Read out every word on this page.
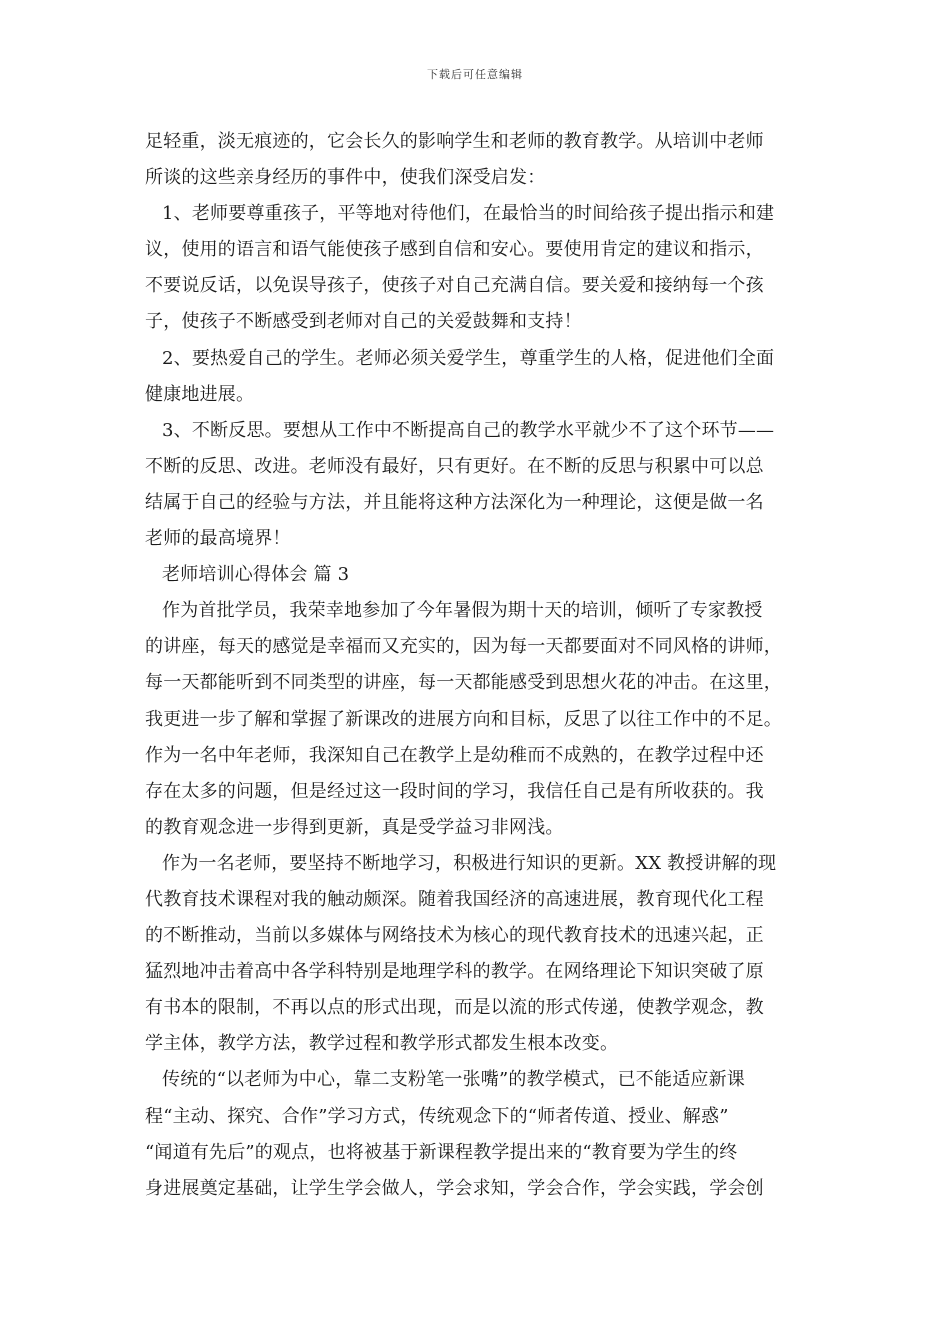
下载后可任意编辑
足轻重，淡无痕迹的，它会长久的影响学生和老师的教育教学。从培训中老师
所谈的这些亲身经历的事件中，使我们深受启发：
1、老师要尊重孩子，平等地对待他们，在最恰当的时间给孩子提出指示和建
议，使用的语言和语气能使孩子感到自信和安心。要使用肯定的建议和指示，
不要说反话，以免误导孩子，使孩子对自己充满自信。要关爱和接纳每一个孩
子，使孩子不断感受到老师对自己的关爱鼓舞和支持！
2、要热爱自己的学生。老师必须关爱学生，尊重学生的人格，促进他们全面
健康地进展。
3、不断反思。要想从工作中不断提高自己的教学水平就少不了这个环节——
不断的反思、改进。老师没有最好，只有更好。在不断的反思与积累中可以总
结属于自己的经验与方法，并且能将这种方法深化为一种理论，这便是做一名
老师的最高境界！
老师培训心得体会 篇 3
作为首批学员，我荣幸地参加了今年暑假为期十天的培训，倾听了专家教授
的讲座，每天的感觉是幸福而又充实的，因为每一天都要面对不同风格的讲师，
每一天都能听到不同类型的讲座，每一天都能感受到思想火花的冲击。在这里，
我更进一步了解和掌握了新课改的进展方向和目标，反思了以往工作中的不足。
作为一名中年老师，我深知自己在教学上是幼稚而不成熟的，在教学过程中还
存在太多的问题，但是经过这一段时间的学习，我信任自己是有所收获的。我
的教育观念进一步得到更新，真是受学益习非网浅。
作为一名老师，要坚持不断地学习，积极进行知识的更新。XX 教授讲解的现
代教育技术课程对我的触动颇深。随着我国经济的高速进展，教育现代化工程
的不断推动，当前以多媒体与网络技术为核心的现代教育技术的迅速兴起，正
猛烈地冲击着高中各学科特别是地理学科的教学。在网络理论下知识突破了原
有书本的限制，不再以点的形式出现，而是以流的形式传递，使教学观念，教
学主体，教学方法，教学过程和教学形式都发生根本改变。
传统的“以老师为中心，靠二支粉笔一张嘴”的教学模式，已不能适应新课
程“主动、探究、合作”学习方式，传统观念下的“师者传道、授业、解惑”
“闻道有先后”的观点，也将被基于新课程教学提出来的“教育要为学生的终
身进展奠定基础，让学生学会做人，学会求知，学会合作，学会实践，学会创
